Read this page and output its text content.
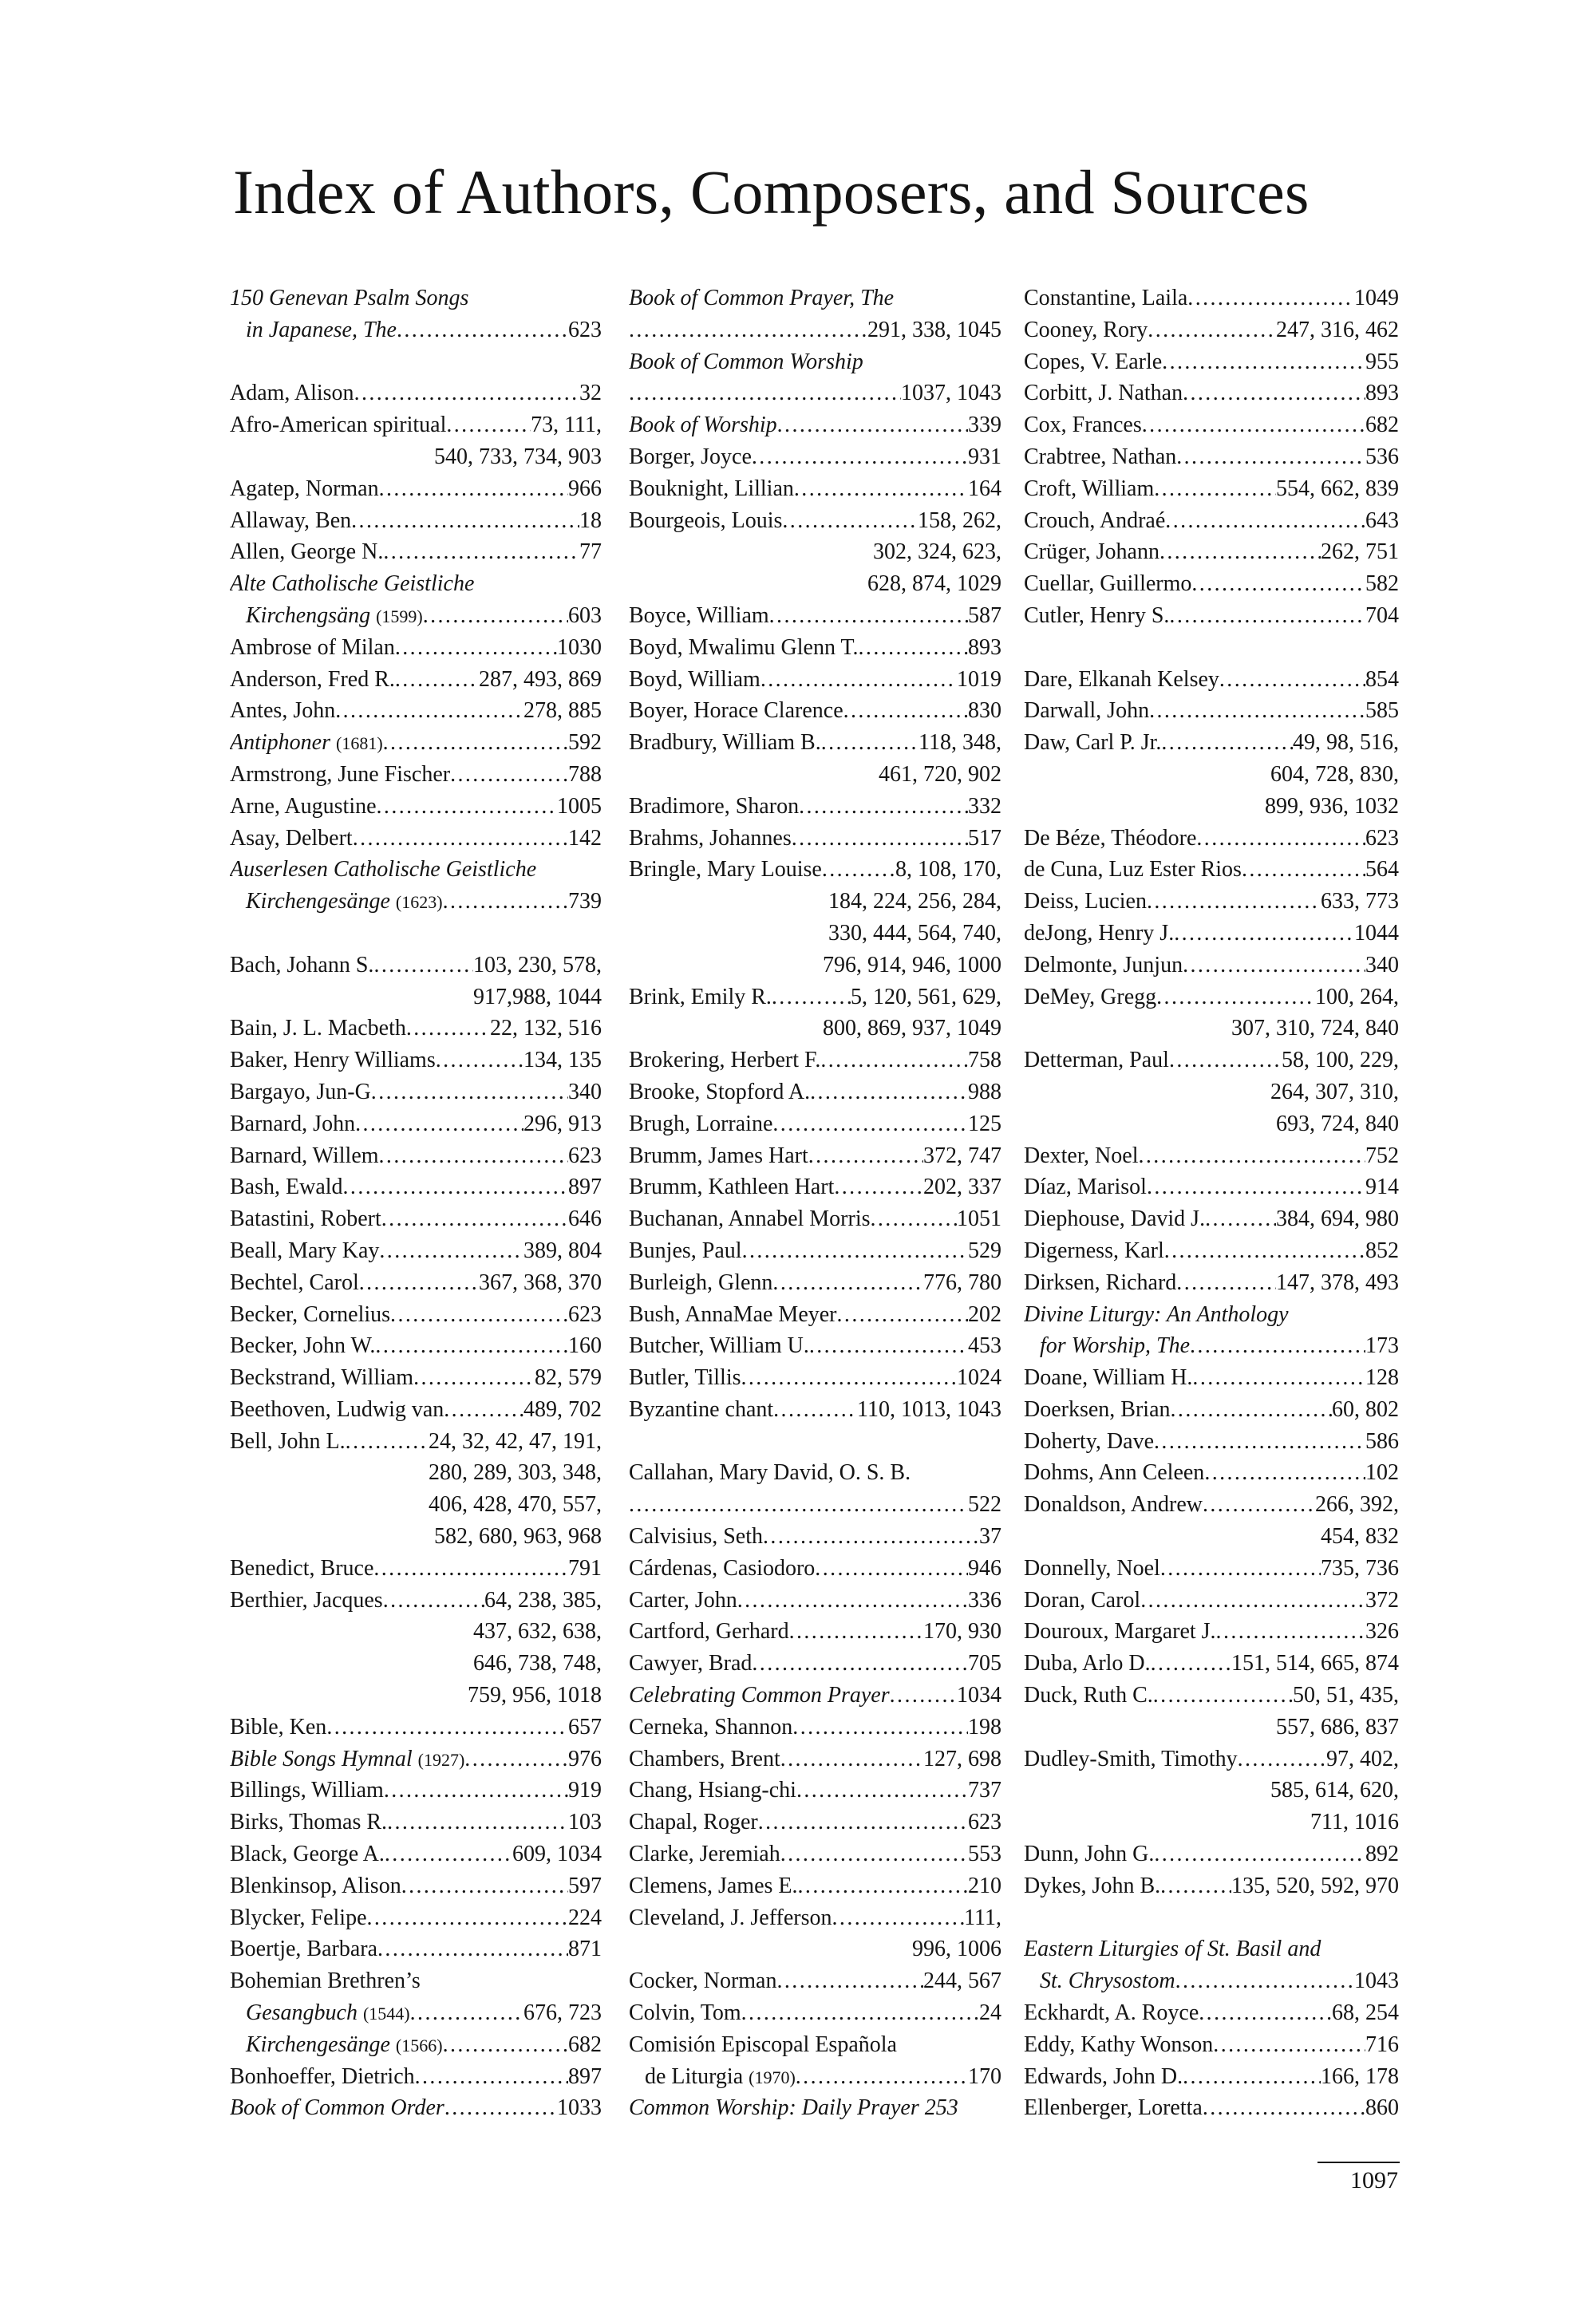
Index of Authors, Composers, and Sources
150 Genevan Psalm Songs
in Japanese, The .....	623
Adam, Alison .....	32
Afro-American spiritual .....	73, 111,
540, 733, 734, 903
Agatep, Norman .....	966
Allaway, Ben .....	18
Allen, George N. .....	77
Alte Catholische Geistliche
Kirchengsäng (1599) .....	603
Ambrose of Milan .....	1030
Anderson, Fred R. .....	287, 493, 869
Antes, John .....	278, 885
Antiphoner (1681) .....	592
Armstrong, June Fischer .....	788
Arne, Augustine .....	1005
Asay, Delbert .....	142
Auserlesen Catholische Geistliche
Kirchengesänge (1623) .....	739
Bach, Johann S. .....	103, 230, 578,
917,988, 1044
Bain, J. L. Macbeth .....	22, 132, 516
Baker, Henry Williams .....	134, 135
Bargayo, Jun-G .....	340
Barnard, John .....	296, 913
Barnard, Willem .....	623
Bash, Ewald .....	897
Batastini, Robert .....	646
Beall, Mary Kay .....	389, 804
Bechtel, Carol .....	367, 368, 370
Becker, Cornelius .....	623
Becker, John W. .....	160
Beckstrand, William .....	82, 579
Beethoven, Ludwig van .....	489, 702
Bell, John L. .....	24, 32, 42, 47, 191,
280, 289, 303, 348,
406, 428, 470, 557,
582, 680, 963, 968
Benedict, Bruce .....	791
Berthier, Jacques .....	64, 238, 385,
437, 632, 638,
646, 738, 748,
759, 956, 1018
Bible, Ken .....	657
Bible Songs Hymnal (1927) .....	976
Billings, William .....	919
Birks, Thomas R. .....	103
Black, George A. .....	609, 1034
Blenkinsop, Alison .....	597
Blycker, Felipe .....	224
Boertje, Barbara .....	871
Bohemian Brethren’s
Gesangbuch (1544) .....	676, 723
Kirchengesänge (1566) .....	682
Bonhoeffer, Dietrich .....	897
Book of Common Order .....	1033
Book of Common Prayer, The
.....
291, 338, 1045
Book of Common Worship
.....
1037, 1043
Book of Worship .....	339
Borger, Joyce .....	931
Bouknight, Lillian .....	164
Bourgeois, Louis .....	158, 262,
302, 324, 623,
628, 874, 1029
Boyce, William .....	587
Boyd, Mwalimu Glenn T. .....	893
Boyd, William .....	1019
Boyer, Horace Clarence .....	830
Bradbury, William B. .....	118, 348,
461, 720, 902
Bradimore, Sharon .....	332
Brahms, Johannes .....	517
Bringle, Mary Louise .....	8, 108, 170,
184, 224, 256, 284,
330, 444, 564, 740,
796, 914, 946, 1000
Brink, Emily R. .....	5, 120, 561, 629,
800, 869, 937, 1049
Brokering, Herbert F. .....	758
Brooke, Stopford A. .....	988
Brugh, Lorraine .....	125
Brumm, James Hart .....	372, 747
Brumm, Kathleen Hart .....	202, 337
Buchanan, Annabel Morris .....	1051
Bunjes, Paul .....	529
Burleigh, Glenn .....	776, 780
Bush, AnnaMae Meyer .....	202
Butcher, William U. .....	453
Butler, Tillis .....	1024
Byzantine chant .....	110, 1013, 1043
Callahan, Mary David, O. S. B.
.....
522
Calvisius, Seth .....	37
Cárdenas, Casiodoro .....	946
Carter, John .....	336
Cartford, Gerhard .....	170, 930
Cawyer, Brad .....	705
Celebrating Common Prayer .....	1034
Cerneka, Shannon .....	198
Chambers, Brent .....	127, 698
Chang, Hsiang-chi .....	737
Chapal, Roger .....	623
Clarke, Jeremiah .....	553
Clemens, James E. .....	210
Cleveland, J. Jefferson .....	111,
996, 1006
Cocker, Norman .....	244, 567
Colvin, Tom .....	24
Comisión Episcopal Española
de Liturgia (1970) .....	170
Common Worship: Daily Prayer 253
Constantine, Laila .....	1049
Cooney, Rory .....	247, 316, 462
Copes, V. Earle .....	955
Corbitt, J. Nathan .....	893
Cox, Frances .....	682
Crabtree, Nathan .....	536
Croft, William .....	554, 662, 839
Crouch, Andraé .....	643
Crüger, Johann .....	262, 751
Cuellar, Guillermo .....	582
Cutler, Henry S. .....	704
Dare, Elkanah Kelsey .....	854
Darwall, John .....	585
Daw, Carl P. Jr. .....	49, 98, 516,
604, 728, 830,
899, 936, 1032
De Béze, Théodore .....	623
de Cuna, Luz Ester Rios .....	564
Deiss, Lucien .....	633, 773
deJong, Henry J. .....	1044
Delmonte, Junjun .....	340
DeMey, Gregg .....	100, 264,
307, 310, 724, 840
Detterman, Paul .....	58, 100, 229,
264, 307, 310,
693, 724, 840
Dexter, Noel .....	752
Díaz, Marisol .....	914
Diephouse, David J. .....	384, 694, 980
Digerness, Karl .....	852
Dirksen, Richard .....	147, 378, 493
Divine Liturgy: An Anthology
for Worship, The .....	173
Doane, William H. .....	128
Doerksen, Brian .....	60, 802
Doherty, Dave .....	586
Dohms, Ann Celeen .....	102
Donaldson, Andrew .....	266, 392,
454, 832
Donnelly, Noel .....	735, 736
Doran, Carol .....	372
Douroux, Margaret J. .....	326
Duba, Arlo D. .....	151, 514, 665, 874
Duck, Ruth C. .....	50, 51, 435,
557, 686, 837
Dudley-Smith, Timothy .....	97, 402,
585, 614, 620,
711, 1016
Dunn, John G. .....	892
Dykes, John B. .....	135, 520, 592, 970
Eastern Liturgies of St. Basil and
St. Chrysostom .....	1043
Eckhardt, A. Royce .....	68, 254
Eddy, Kathy Wonson .....	716
Edwards, John D. .....	166, 178
Ellenberger, Loretta .....	860
1097
